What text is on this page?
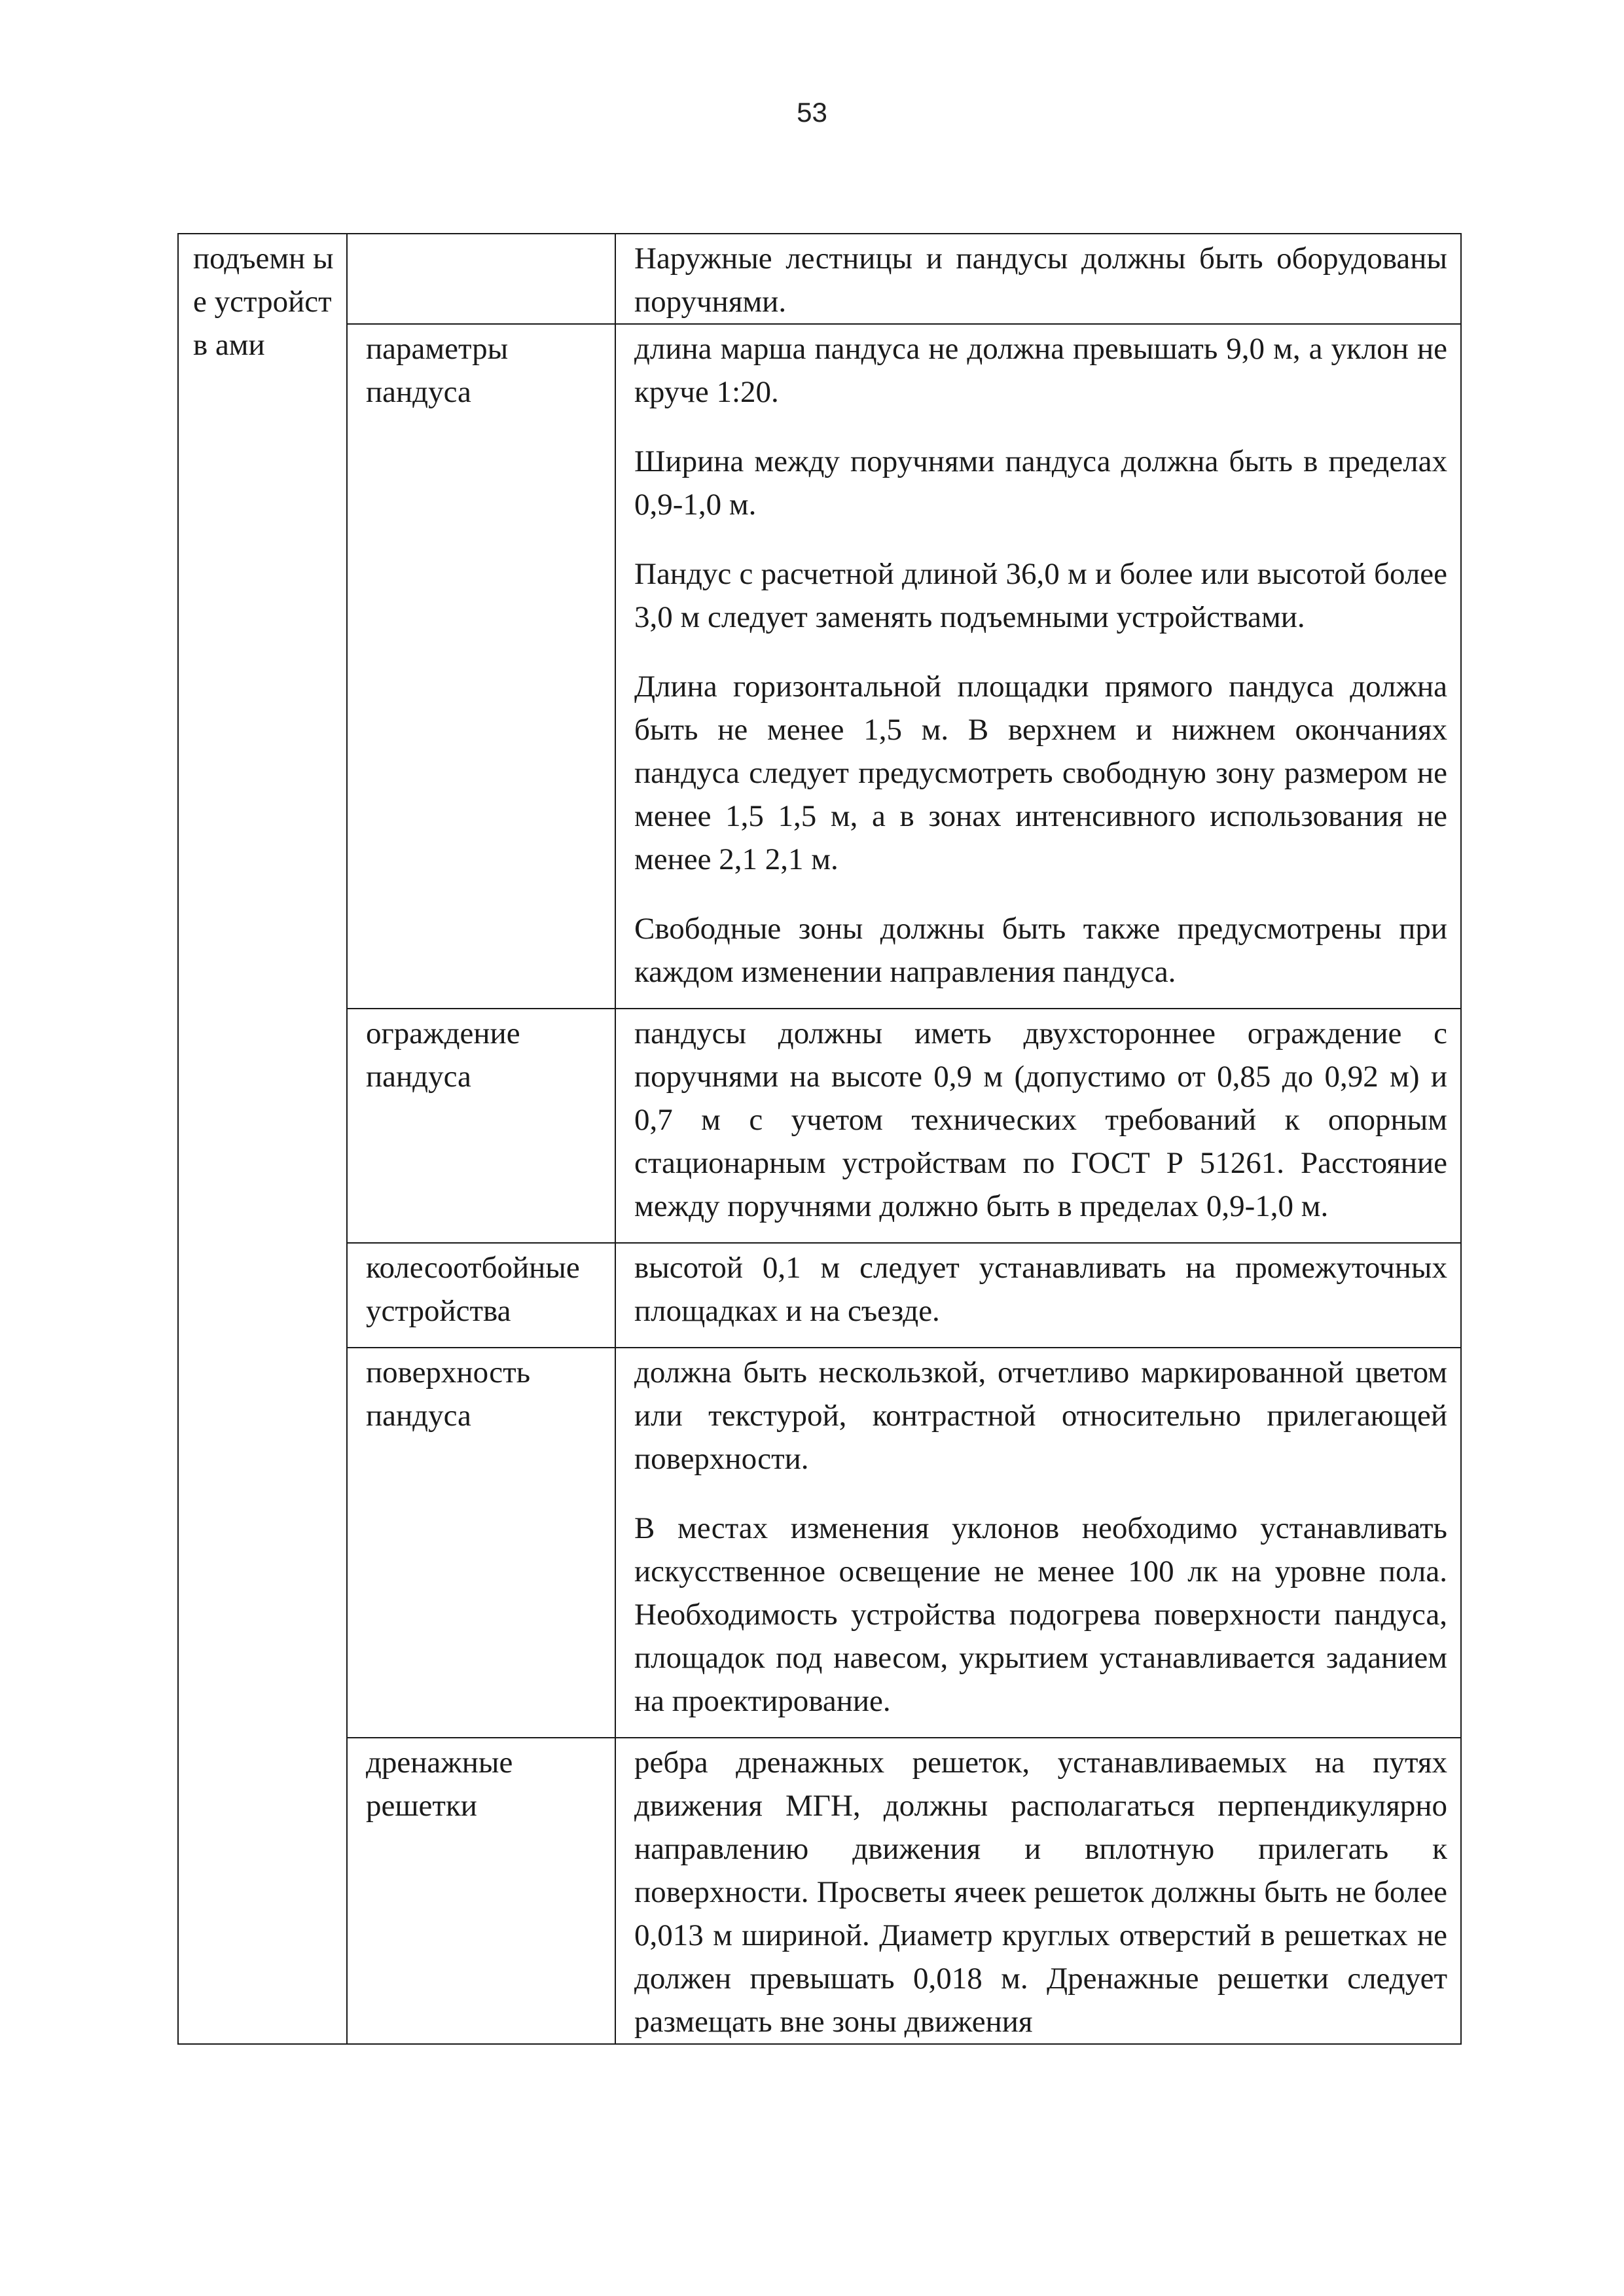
53
подъемн ые устройств ами		Наружные лестницы и пандусы должны быть оборудованы поручнями.

	параметры пандуса	длина марша пандуса не должна превышать 9,0 м, а уклон не круче 1:20.
Ширина между поручнями пандуса должна быть в пределах 0,9-1,0 м.
Пандус с расчетной длиной 36,0 м и более или высотой более 3,0 м следует заменять подъемными устройствами.
Длина горизонтальной площадки прямого пандуса должна быть не менее 1,5 м. В верхнем и нижнем окончаниях пандуса следует предусмотреть свободную зону размером не менее 1,5 1,5 м, а в зонах интенсивного использования не менее 2,1 2,1 м.
Свободные зоны должны быть также предусмотрены при каждом изменении направления пандуса.

	ограждение пандуса	пандусы должны иметь двухстороннее ограждение с поручнями на высоте 0,9 м (допустимо от 0,85 до 0,92 м) и 0,7 м с учетом технических требований к опорным стационарным устройствам по ГОСТ Р 51261. Расстояние между поручнями должно быть в пределах 0,9-1,0 м.

	колесоотбойные устройства	высотой 0,1 м следует устанавливать на промежуточных площадках и на съезде.

	поверхность пандуса	должна быть нескользкой, отчетливо маркированной цветом или текстурой, контрастной относительно прилегающей поверхности.
В местах изменения уклонов необходимо устанавливать искусственное освещение не менее 100 лк на уровне пола. Необходимость устройства подогрева поверхности пандуса, площадок под навесом, укрытием устанавливается заданием на проектирование.

	дренажные решетки	ребра дренажных решеток, устанавливаемых на путях движения МГН, должны располагаться перпендикулярно направлению движения и вплотную прилегать к поверхности. Просветы ячеек решеток должны быть не более 0,013 м шириной. Диаметр круглых отверстий в решетках не должен превышать 0,018 м. Дренажные решетки следует размещать вне зоны движения
